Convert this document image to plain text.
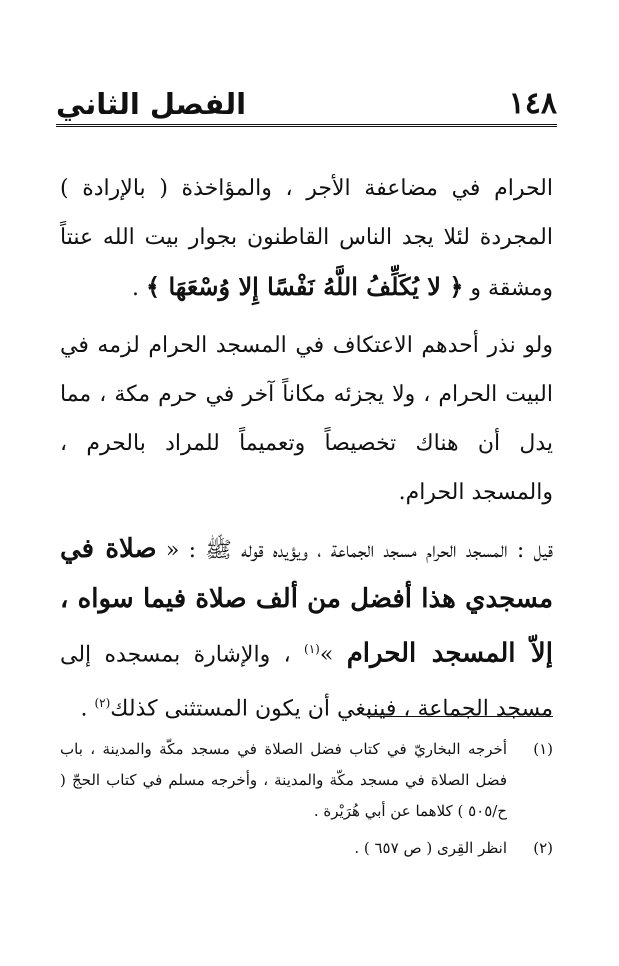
١٤٨
الفصل الثاني

الحرام في مضاعفة الأجر ، والمؤاخذة ( بالإرادة ) المجردة لئلا يجد الناس القاطنون بجوار بيت الله عنتاً ومشقة و ﴿ لا يُكَلِّفُ اللَّهُ نَفْسًا إِلا وُسْعَهَا ﴾ .

ولو نذر أحدهم الاعتكاف في المسجد الحرام لزمه في البيت الحرام ، ولا يجزئه مكاناً آخر في حرم مكة ، مما يدل أن هناك تخصيصاً وتعميماً للمراد بالحرم ، والمسجد الحرام.

قيل : المسجد الحرام مسجد الجماعة ، ويؤيده قوله ﷺ : « صلاة في مسجدي هذا أفضل من ألف صلاة فيما سواه ، إلاّ المسجد الحرام »$^{(١)}$ ، والإشارة بمسجده إلى مسجد الجماعة ، فينبغي أن يكون المستثنى كذلك$^{(٢)}$ .

(١)
أخرجه البخاريّ في كتاب فضل الصلاة في مسجد مكّة والمدينة ، باب فضل الصلاة في مسجد مكّة والمدينة ، وأخرجه مسلم في كتاب الحجّ ( ح/٥٠٥ ) كلاهما عن أبي هُرَيْرة .
(٢)
انظر القِرى ( ص ٦٥٧ ) .
